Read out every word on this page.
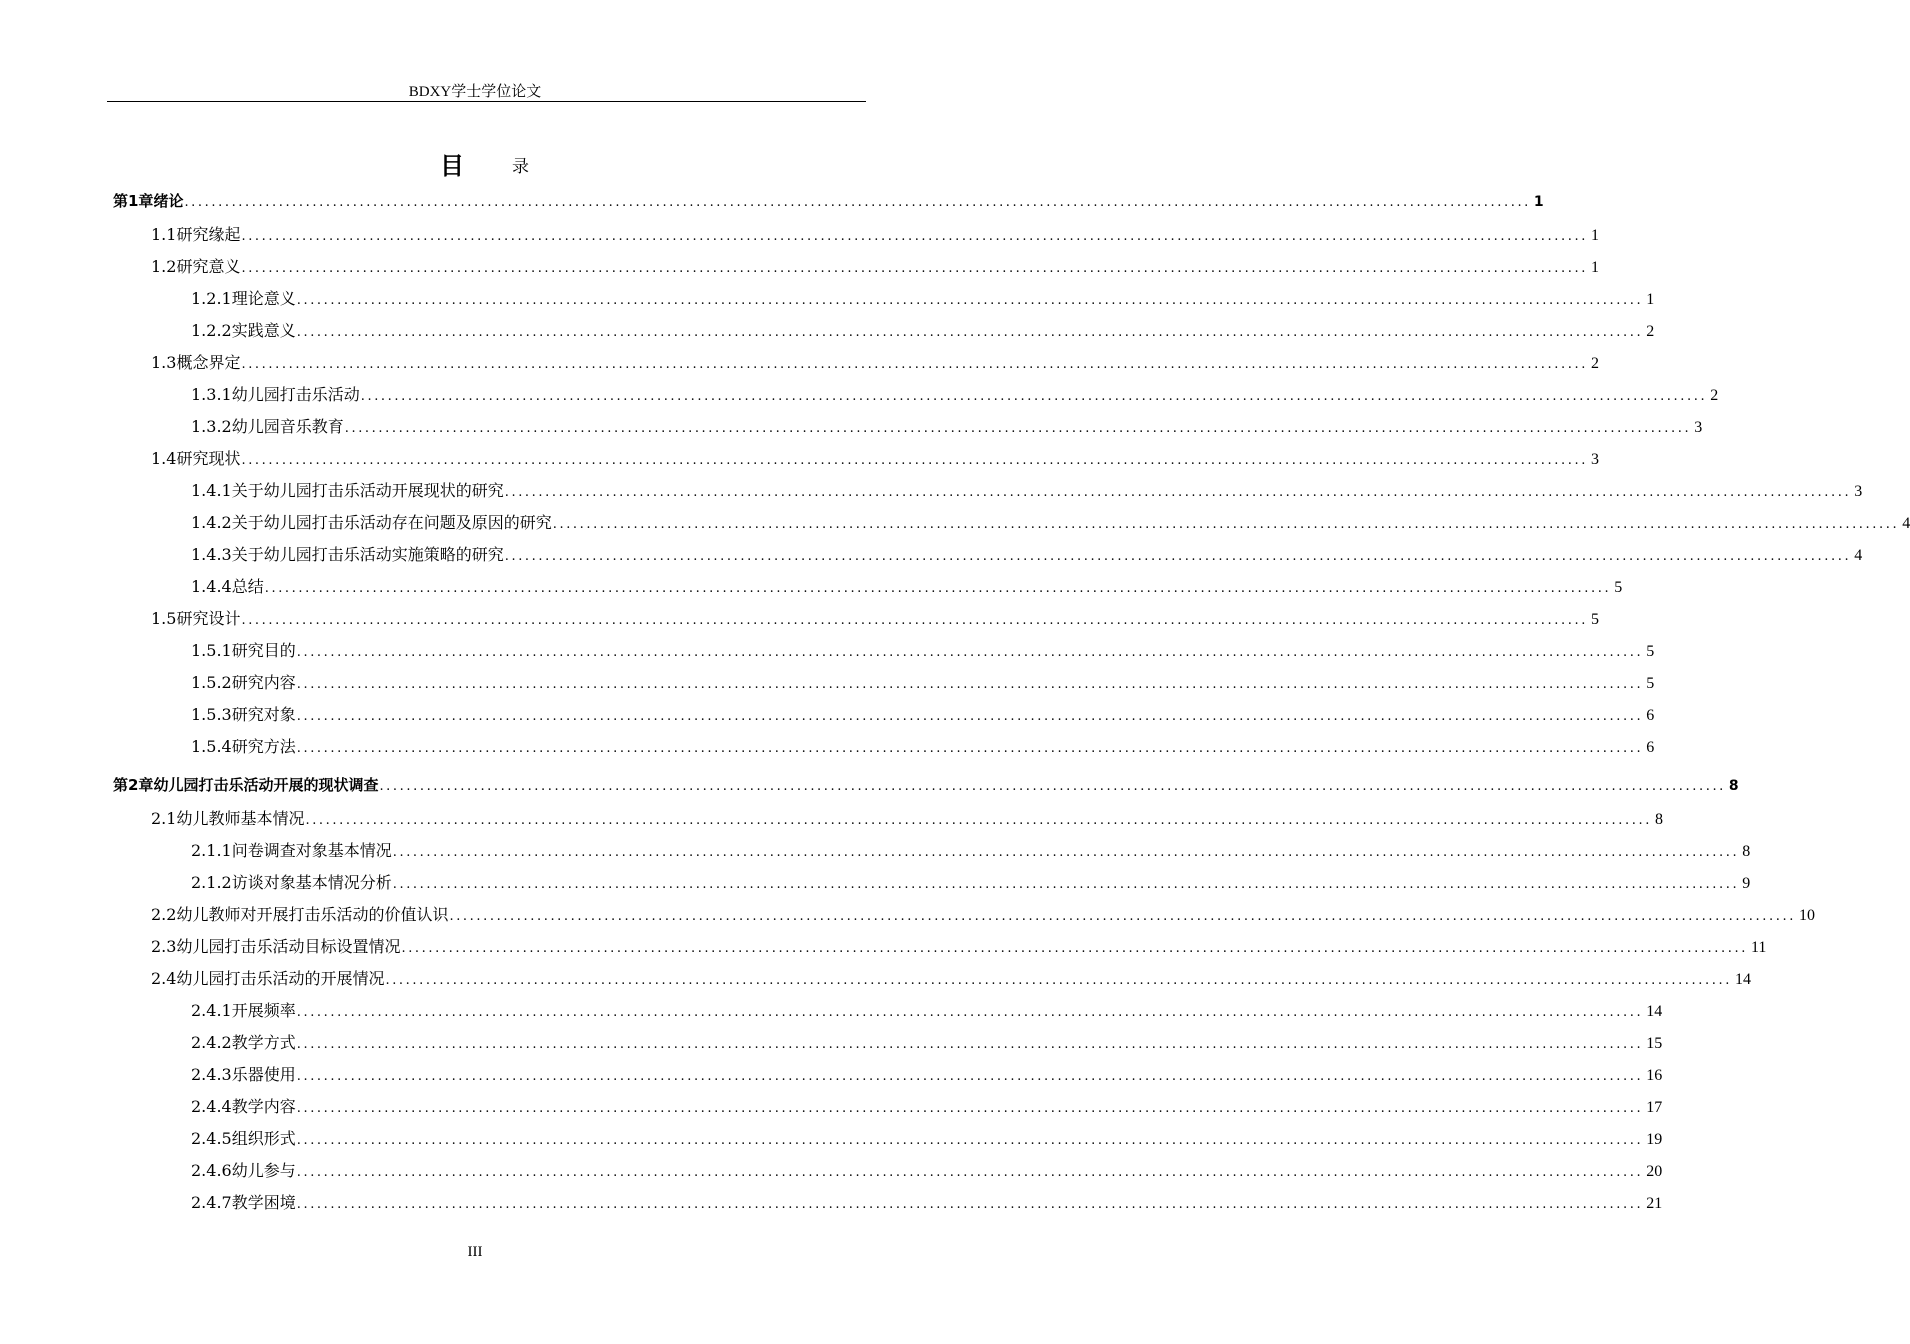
BDXY学士学位论文
目	录
第1章 绪论 ........................................................................................................................................................................................................ 1
1.1 研究缘起 ........................................................................................................................................................................................................ 1
1.2 研究意义 ........................................................................................................................................................................................................ 1
1.2.1 理论意义 ........................................................................................................................................................................................................ 1
1.2.2 实践意义 ........................................................................................................................................................................................................ 2
1.3 概念界定 ........................................................................................................................................................................................................ 2
1.3.1 幼儿园打击乐活动 ........................................................................................................................................................................................................ 2
1.3.2 幼儿园音乐教育 ........................................................................................................................................................................................................ 3
1.4 研究现状 ........................................................................................................................................................................................................ 3
1.4.1 关于幼儿园打击乐活动开展现状的研究 ........................................................................................................................................................................................................ 3
1.4.2 关于幼儿园打击乐活动存在问题及原因的研究 ........................................................................................................................................................................................................ 4
1.4.3 关于幼儿园打击乐活动实施策略的研究 ........................................................................................................................................................................................................ 4
1.4.4 总结 ........................................................................................................................................................................................................ 5
1.5 研究设计 ........................................................................................................................................................................................................ 5
1.5.1 研究目的 ........................................................................................................................................................................................................ 5
1.5.2 研究内容 ........................................................................................................................................................................................................ 5
1.5.3 研究对象 ........................................................................................................................................................................................................ 6
1.5.4 研究方法 ........................................................................................................................................................................................................ 6
第2章 幼儿园打击乐活动开展的现状调查 ........................................................................................................................................................................................................ 8
2.1 幼儿教师基本情况 ........................................................................................................................................................................................................ 8
2.1.1 问卷调查对象基本情况 ........................................................................................................................................................................................................ 8
2.1.2 访谈对象基本情况分析 ........................................................................................................................................................................................................ 9
2.2 幼儿教师对开展打击乐活动的价值认识 ........................................................................................................................................................................................................ 10
2.3 幼儿园打击乐活动目标设置情况 ........................................................................................................................................................................................................ 11
2.4 幼儿园打击乐活动的开展情况 ........................................................................................................................................................................................................ 14
2.4.1 开展频率 ........................................................................................................................................................................................................ 14
2.4.2 教学方式 ........................................................................................................................................................................................................ 15
2.4.3 乐器使用 ........................................................................................................................................................................................................ 16
2.4.4 教学内容 ........................................................................................................................................................................................................ 17
2.4.5 组织形式 ........................................................................................................................................................................................................ 19
2.4.6 幼儿参与 ........................................................................................................................................................................................................ 20
2.4.7 教学困境 ........................................................................................................................................................................................................ 21
III
